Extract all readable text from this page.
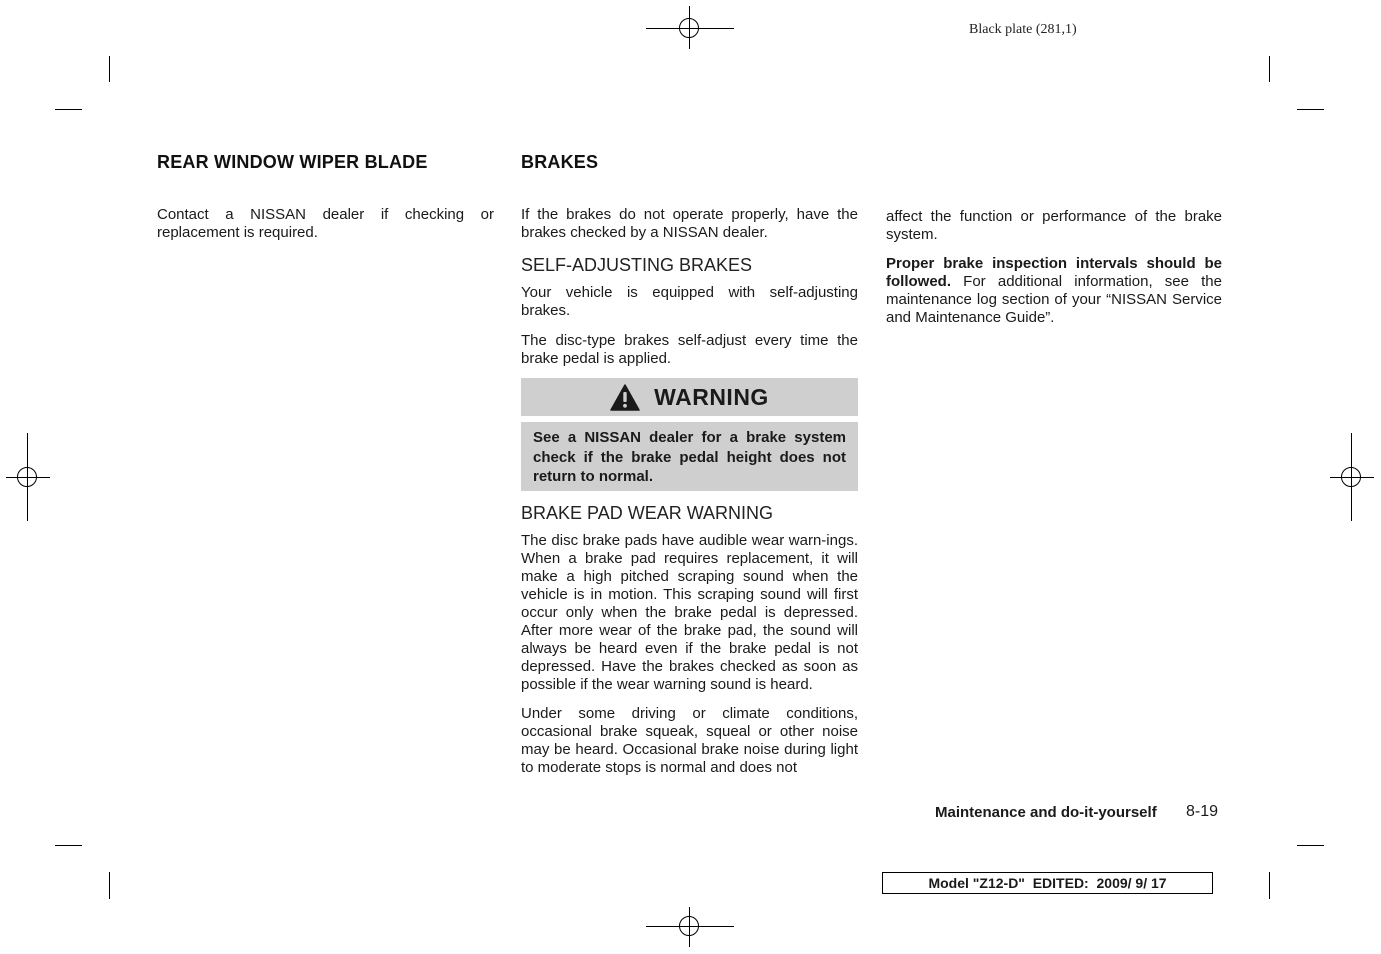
Black plate (281,1)
REAR WINDOW WIPER BLADE

Contact a NISSAN dealer if checking or replacement is required.

BRAKES

If the brakes do not operate properly, have the brakes checked by a NISSAN dealer.

SELF-ADJUSTING BRAKES

Your vehicle is equipped with self-adjusting brakes.

The disc-type brakes self-adjust every time the brake pedal is applied.

WARNING
See a NISSAN dealer for a brake system check if the brake pedal height does not return to normal.

BRAKE PAD WEAR WARNING

The disc brake pads have audible wear warn-ings. When a brake pad requires replacement, it will make a high pitched scraping sound when the vehicle is in motion. This scraping sound will first occur only when the brake pedal is depressed. After more wear of the brake pad, the sound will always be heard even if the brake pedal is not depressed. Have the brakes checked as soon as possible if the wear warning sound is heard.

Under some driving or climate conditions, occasional brake squeak, squeal or other noise may be heard. Occasional brake noise during light to moderate stops is normal and does not

affect the function or performance of the brake system.

Proper brake inspection intervals should be followed. For additional information, see the maintenance log section of your “NISSAN Service and Maintenance Guide”.

Maintenance and do-it-yourself 8-19
Model "Z12-D"  EDITED:  2009/ 9/ 17
